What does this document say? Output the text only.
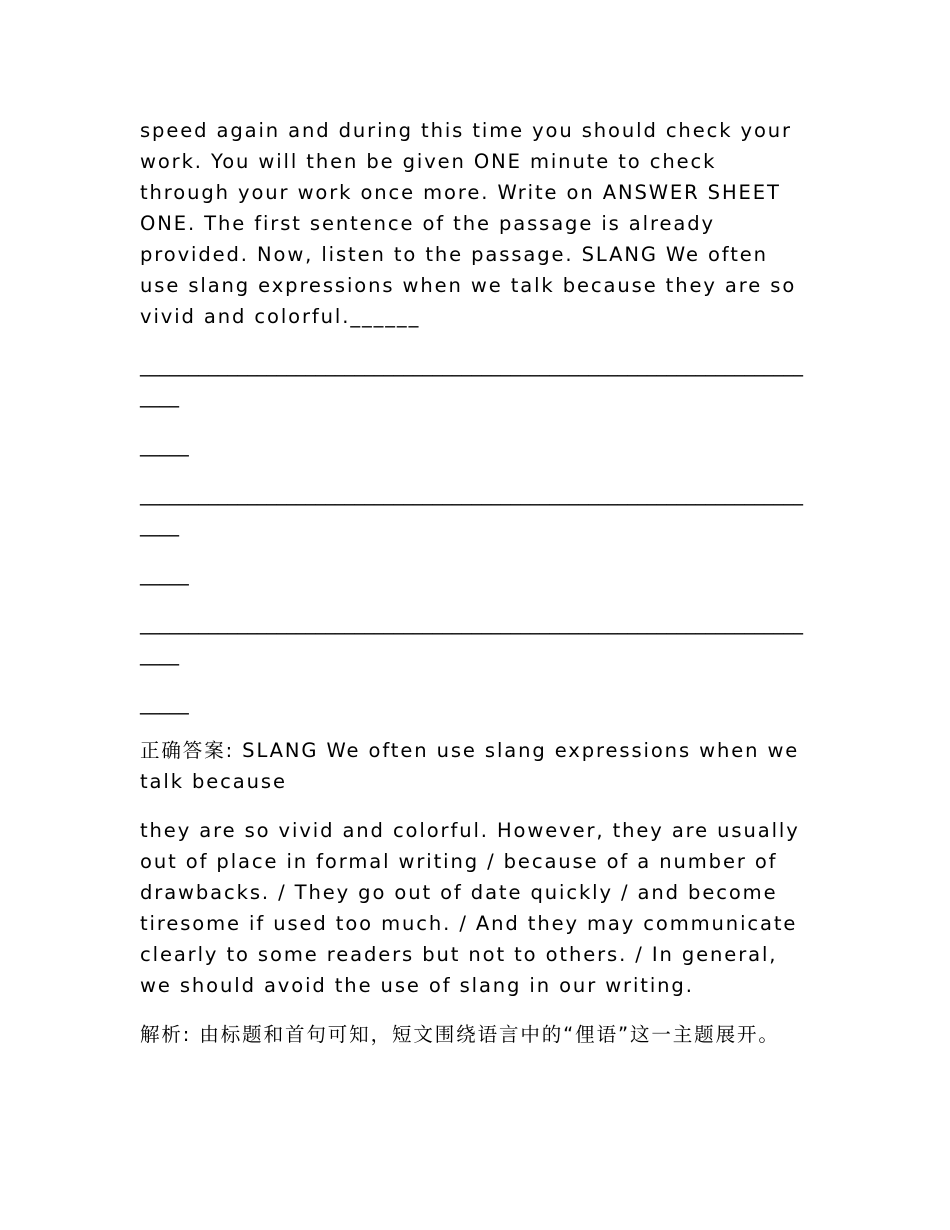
speed again and during this time you should check your work. You will then be given ONE minute to check through your work once more. Write on ANSWER SHEET ONE. The first sentence of the passage is already provided. Now, listen to the passage. SLANG We often use slang expressions when we talk because they are so vivid and colorful.______

________________________________________________________________________

_____

________________________________________________________________________

_____

________________________________________________________________________

_____

正确答案: SLANG We often use slang expressions when we talk because

they are so vivid and colorful. However, they are usually out of place in formal writing / because of a number of drawbacks. / They go out of date quickly / and become tiresome if used too much. / And they may communicate clearly to some readers but not to others. / In general, we should avoid the use of slang in our writing.

解析: 由标题和首句可知，短文围绕语言中的“俚语”这一主题展开。
